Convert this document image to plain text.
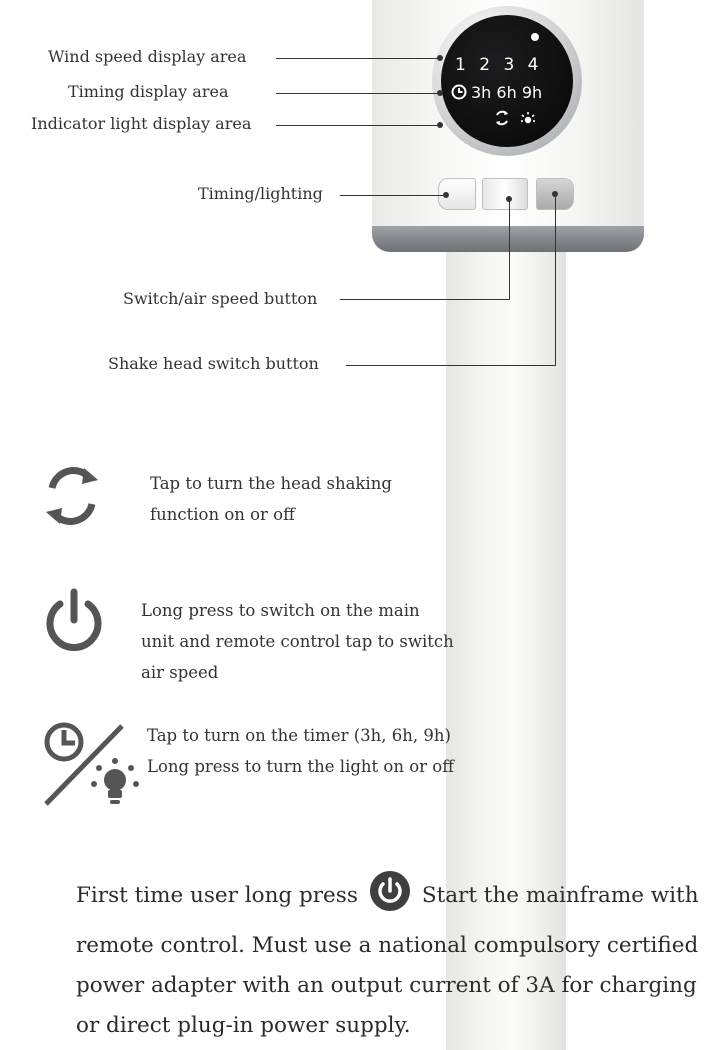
1 2 3 4
3h 6h 9h

Wind speed display area
Timing display area
Indicator light display area
Timing/lighting
Switch/air speed button
Shake head switch button
Tap to turn the head shaking
function on or off
Long press to switch on the main
unit and remote control tap to switch
air speed
Tap to turn on the timer (3h, 6h, 9h)
Long press to turn the light on or off
First time user long press	Start the mainframe with remote control. Must use a national compulsory certified power adapter with an output current of 3A for charging or direct plug-in power supply.
